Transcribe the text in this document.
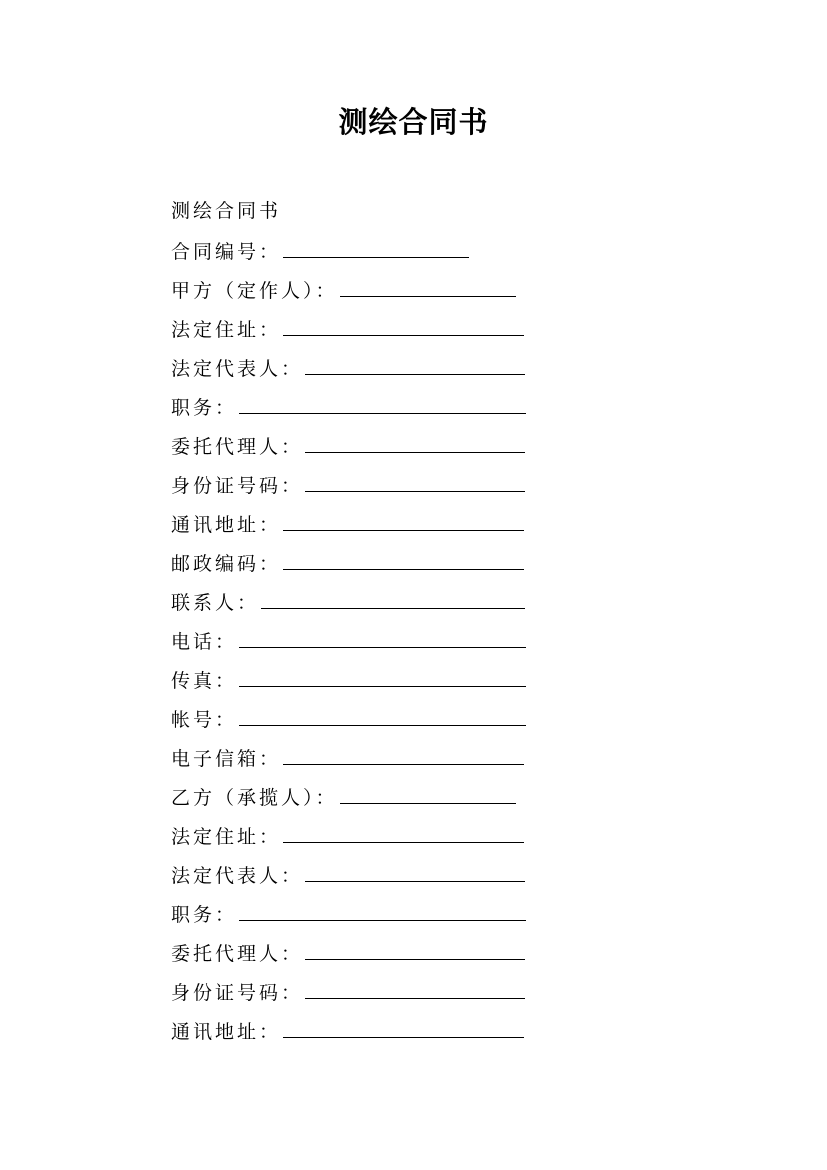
测绘合同书
测绘合同书
合同编号：
甲方（定作人）：
法定住址：
法定代表人：
职务：
委托代理人：
身份证号码：
通讯地址：
邮政编码：
联系人：
电话：
传真：
帐号：
电子信箱：
乙方（承揽人）：
法定住址：
法定代表人：
职务：
委托代理人：
身份证号码：
通讯地址：
